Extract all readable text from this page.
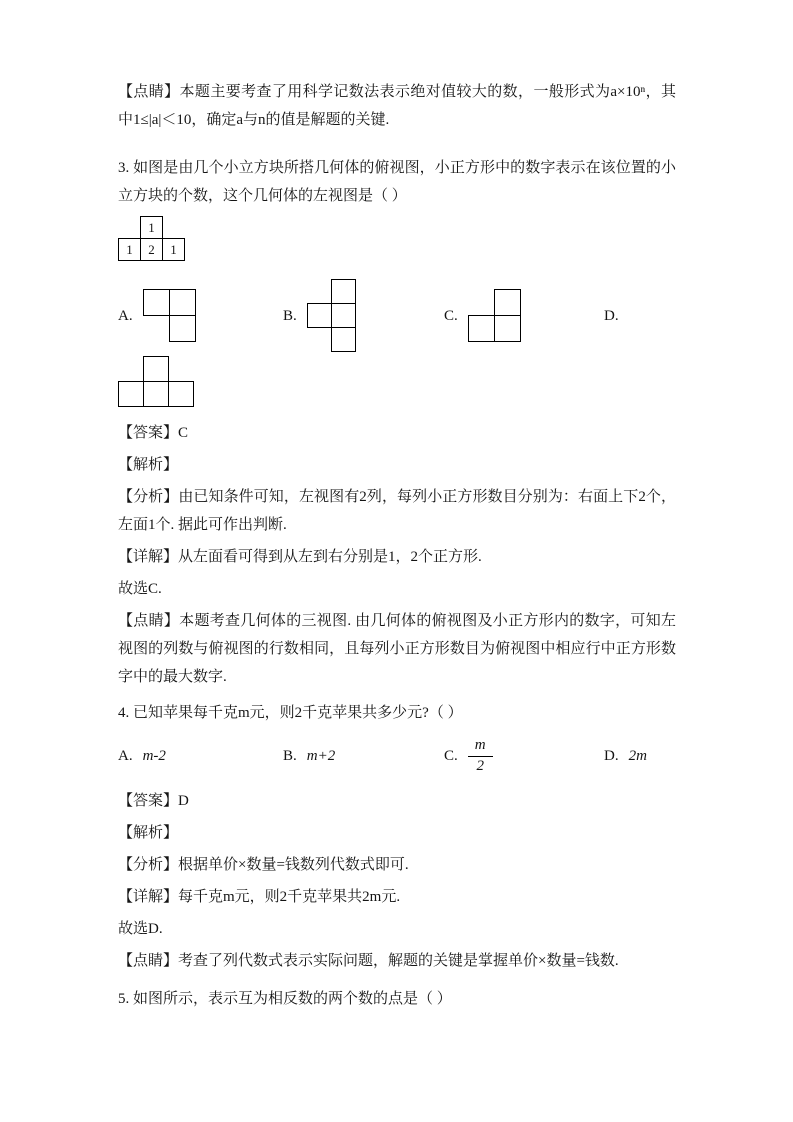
【点睛】本题主要考查了用科学记数法表示绝对值较大的数，一般形式为a×10ⁿ，其中1≤|a|＜10，确定a与n的值是解题的关键.

3. 如图是由几个小立方块所搭几何体的俯视图，小正方形中的数字表示在该位置的小立方块的个数，这个几何体的左视图是（ ）

1
1	2	1
A.	B.	C.	D.

【答案】C

【解析】

【分析】由已知条件可知，左视图有2列，每列小正方形数目分别为：右面上下2个，左面1个. 据此可作出判断.

【详解】从左面看可得到从左到右分别是1，2个正方形.

故选C.

【点睛】本题考查几何体的三视图. 由几何体的俯视图及小正方形内的数字，可知左视图的列数与俯视图的行数相同，且每列小正方形数目为俯视图中相应行中正方形数字中的最大数字.

4. 已知苹果每千克m元，则2千克苹果共多少元?（ ）

A. m-2	B. m+2	C. $\frac{m}{2}$	D. 2m

【答案】D

【解析】

【分析】根据单价×数量=钱数列代数式即可.

【详解】每千克m元，则2千克苹果共2m元.

故选D.

【点睛】考查了列代数式表示实际问题，解题的关键是掌握单价×数量=钱数.

5. 如图所示，表示互为相反数的两个数的点是（ ）
